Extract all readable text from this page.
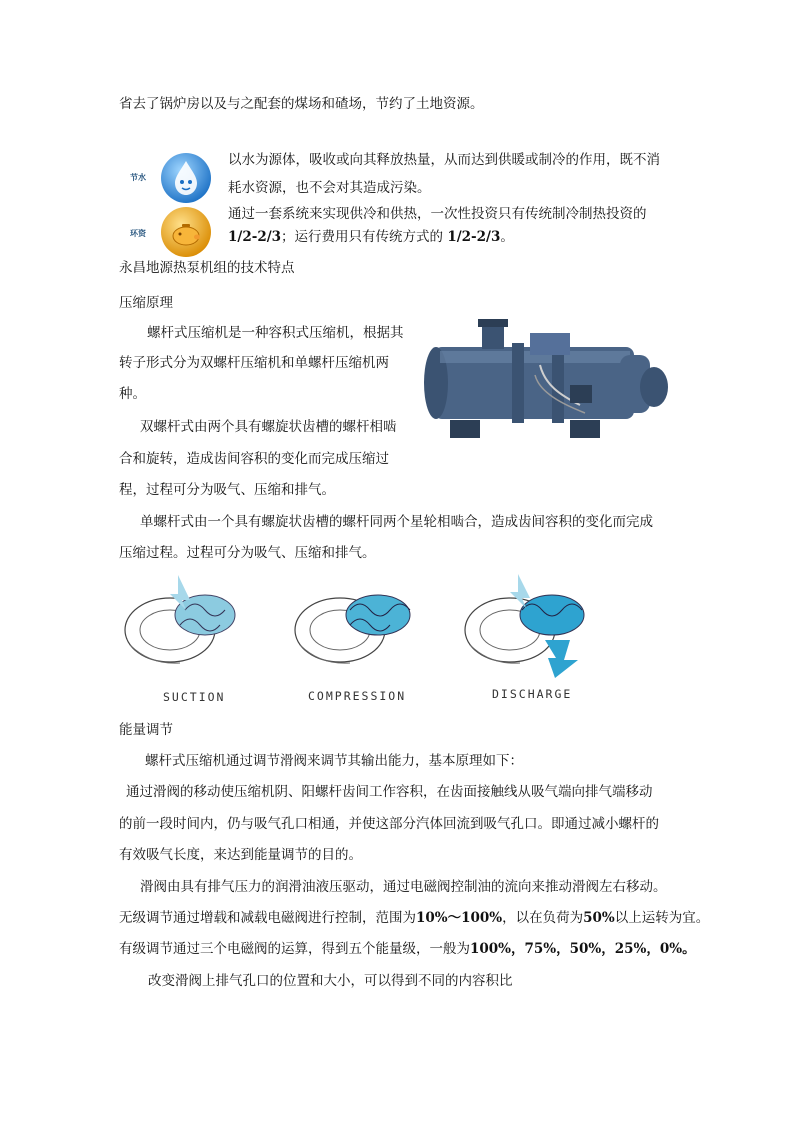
省去了锅炉房以及与之配套的煤场和碴场，节约了土地资源。
节水
以水为源体，吸收或向其释放热量，从而达到供暖或制冷的作用，既不消
耗水资源，也不会对其造成污染。
环资
通过一套系统来实现供冷和供热，一次性投资只有传统制冷制热投资的
1/2-2/3；运行费用只有传统方式的 1/2-2/3。
永昌地源热泵机组的技术特点
压缩原理
螺杆式压缩机是一种容积式压缩机，根据其
转子形式分为双螺杆压缩机和单螺杆压缩机两
种。
双螺杆式由两个具有螺旋状齿槽的螺杆相啮
合和旋转，造成齿间容积的变化而完成压缩过
程，过程可分为吸气、压缩和排气。
单螺杆式由一个具有螺旋状齿槽的螺杆同两个星轮相啮合，造成齿间容积的变化而完成
压缩过程。过程可分为吸气、压缩和排气。
SUCTION	COMPRESSION	DISCHARGE
能量调节
螺杆式压缩机通过调节滑阀来调节其输出能力，基本原理如下：
通过滑阀的移动使压缩机阴、阳螺杆齿间工作容积，在齿面接触线从吸气端向排气端移动
的前一段时间内，仍与吸气孔口相通，并使这部分汽体回流到吸气孔口。即通过减小螺杆的
有效吸气长度，来达到能量调节的目的。
滑阀由具有排气压力的润滑油液压驱动，通过电磁阀控制油的流向来推动滑阀左右移动。
无级调节通过增载和减载电磁阀进行控制，范围为10%～100%，以在负荷为50%以上运转为宜。
有级调节通过三个电磁阀的运算，得到五个能量级，一般为100%，75%，50%，25%，0%。
改变滑阀上排气孔口的位置和大小，可以得到不同的内容积比
